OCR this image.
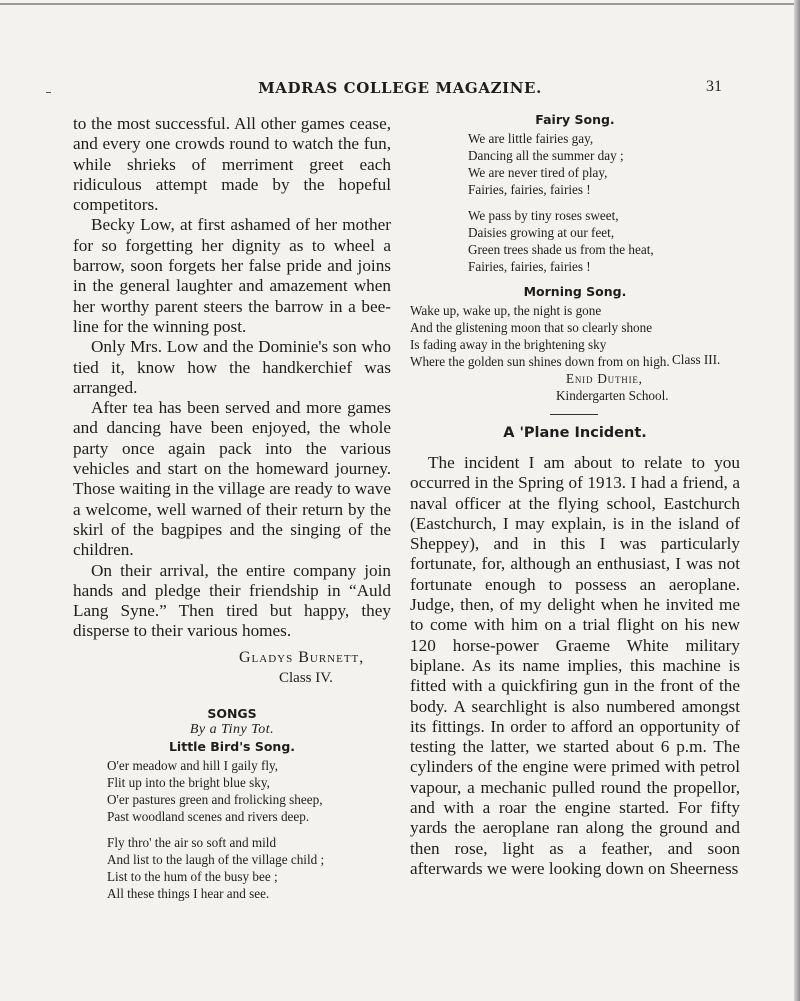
MADRAS COLLEGE MAGAZINE.	31

to the most successful. All other games cease, and every one crowds round to watch the fun, while shrieks of merriment greet each ridiculous attempt made by the hopeful competitors.

Becky Low, at first ashamed of her mother for so forgetting her dignity as to wheel a barrow, soon forgets her false pride and joins in the general laughter and amazement when her worthy parent steers the barrow in a bee-line for the winning post.

Only Mrs. Low and the Dominie's son who tied it, know how the handkerchief was arranged.

After tea has been served and more games and dancing have been enjoyed, the whole party once again pack into the various vehicles and start on the homeward journey. Those waiting in the village are ready to wave a welcome, well warned of their return by the skirl of the bagpipes and the singing of the children.

On their arrival, the entire company join hands and pledge their friendship in “Auld Lang Syne.” Then tired but happy, they disperse to their various homes.

Gladys Burnett,
Class IV.
SONGS
By a Tiny Tot.
Little Bird's Song.
O'er meadow and hill I gaily fly,
Flit up into the bright blue sky,
O'er pastures green and frolicking sheep,
Past woodland scenes and rivers deep.
Fly thro' the air so soft and mild
And list to the laugh of the village child ;
List to the hum of the busy bee ;
All these things I hear and see.
Fairy Song.
We are little fairies gay,
Dancing all the summer day ;
We are never tired of play,
Fairies, fairies, fairies !
We pass by tiny roses sweet,
Daisies growing at our feet,
Green trees shade us from the heat,
Fairies, fairies, fairies !
Morning Song.
Wake up, wake up, the night is gone
And the glistening moon that so clearly shone
Is fading away in the brightening sky
Where the golden sun shines down from on high.
Enid Duthie,
Class III.
Kindergarten School.
A 'Plane Incident.

The incident I am about to relate to you occurred in the Spring of 1913. I had a friend, a naval officer at the flying school, Eastchurch (Eastchurch, I may explain, is in the island of Sheppey), and in this I was particularly fortunate, for, although an enthusiast, I was not fortunate enough to possess an aeroplane. Judge, then, of my delight when he invited me to come with him on a trial flight on his new 120 horse-power Graeme White military biplane. As its name implies, this machine is fitted with a quickfiring gun in the front of the body. A searchlight is also numbered amongst its fittings. In order to afford an opportunity of testing the latter, we started about 6 p.m. The cylinders of the engine were primed with petrol vapour, a mechanic pulled round the propellor, and with a roar the engine started. For fifty yards the aeroplane ran along the ground and then rose, light as a feather, and soon afterwards we were looking down on Sheerness
